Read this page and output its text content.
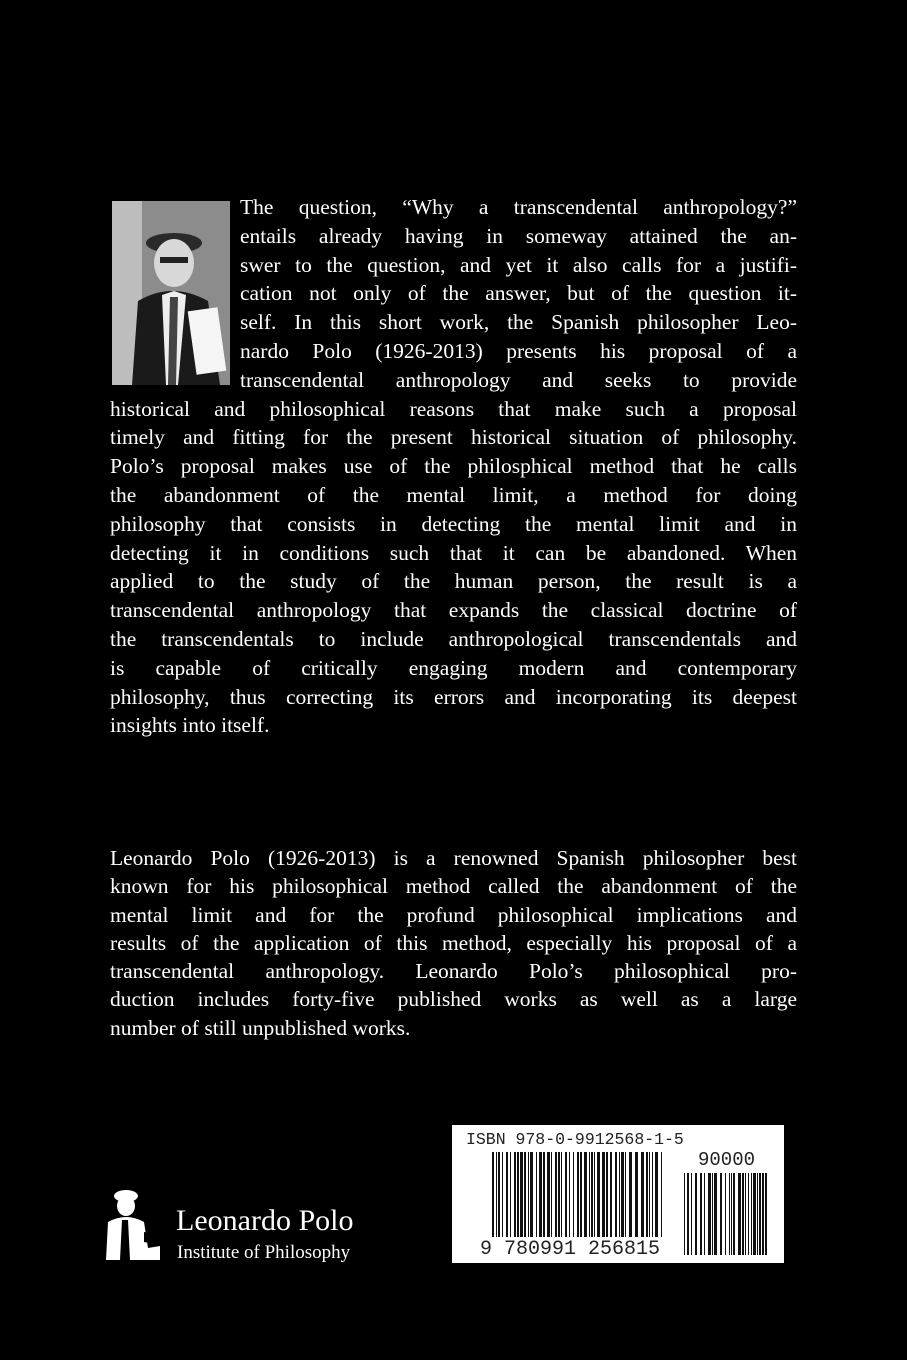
The question, “Why a transcendental anthropology?”
entails already having in someway attained the an-
swer to the question, and yet it also calls for a justifi-
cation not only of the answer, but of the question it-
self. In this short work, the Spanish philosopher Leo-
nardo Polo (1926-2013) presents his proposal of a
transcendental anthropology and seeks to provide
historical and philosophical reasons that make such a proposal
timely and fitting for the present historical situation of philosophy.
Polo’s proposal makes use of the philosphical method that he calls
the abandonment of the mental limit, a method for doing
philosophy that consists in detecting the mental limit and in
detecting it in conditions such that it can be abandoned. When
applied to the study of the human person, the result is a
transcendental anthropology that expands the classical doctrine of
the transcendentals to include anthropological transcendentals and
is capable of critically engaging modern and contemporary
philosophy, thus correcting its errors and incorporating its deepest
insights into itself.
Leonardo Polo (1926-2013) is a renowned Spanish philosopher best
known for his philosophical method called the abandonment of the
mental limit and for the profund philosophical implications and
results of the application of this method, especially his proposal of a
transcendental anthropology. Leonardo Polo’s philosophical pro-
duction includes forty-five published works as well as a large
number of still unpublished works.
ISBN 978-0-9912568-1-5
90000
9 780991 256815
Leonardo Polo
Institute of Philosophy
